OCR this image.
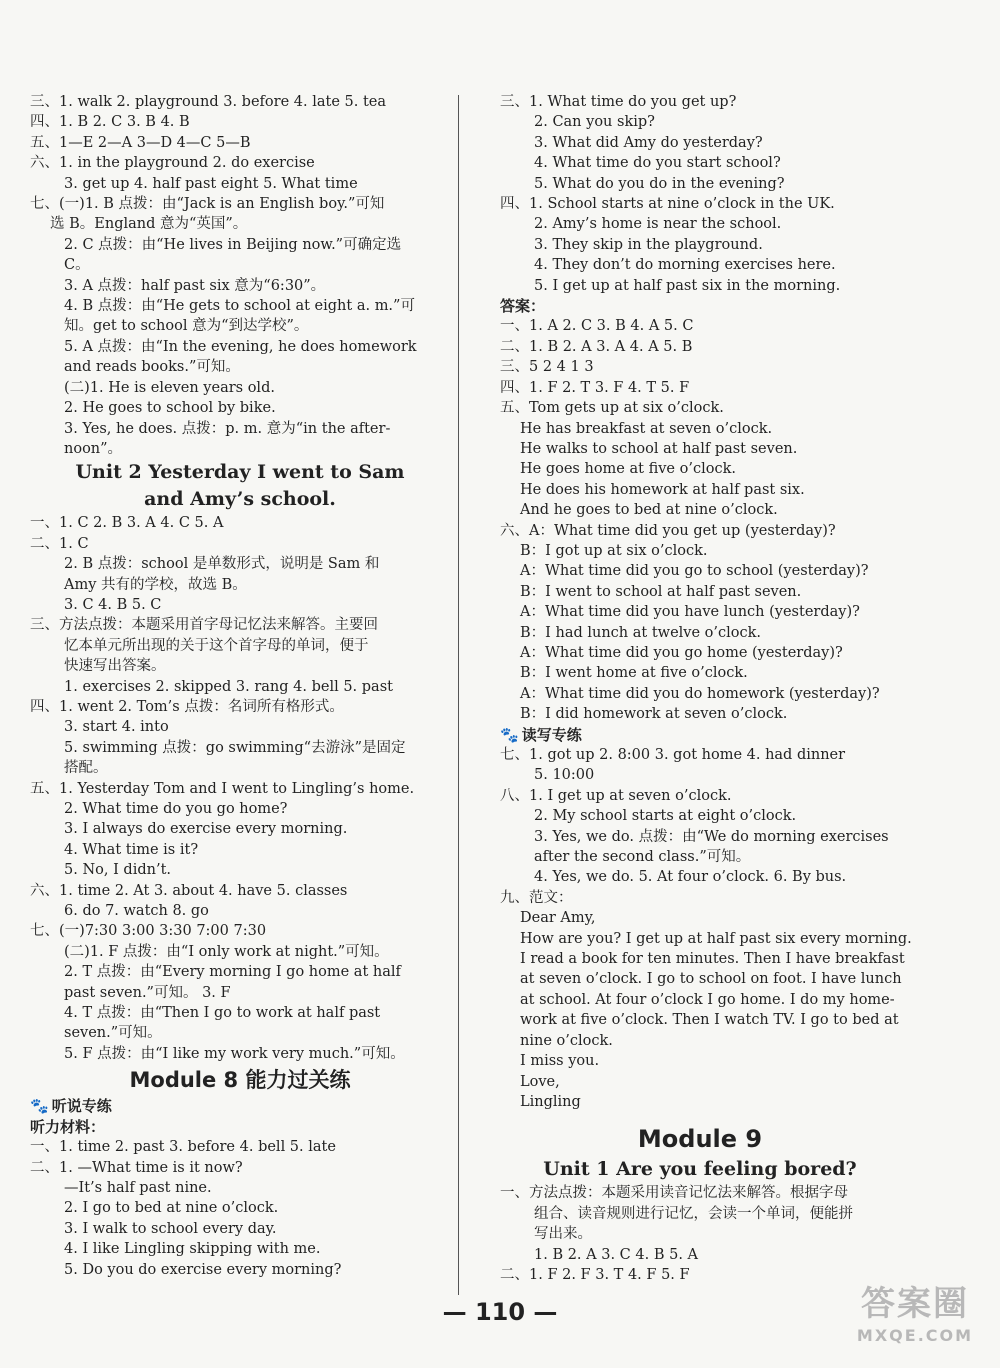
三、1. walk 2. playground 3. before 4. late 5. tea
四、1. B 2. C 3. B 4. B
五、1—E 2—A 3—D 4—C 5—B
六、1. in the playground 2. do exercise
3. get up 4. half past eight 5. What time
七、(一)1. B 点拨：由“Jack is an English boy.”可知
选 B。England 意为“英国”。
2. C 点拨：由“He lives in Beijing now.”可确定选
C。
3. A 点拨：half past six 意为“6:30”。
4. B 点拨：由“He gets to school at eight a. m.”可
知。get to school 意为“到达学校”。
5. A 点拨：由“In the evening, he does homework
and reads books.”可知。
(二)1. He is eleven years old.
2. He goes to school by bike.
3. Yes, he does. 点拨：p. m. 意为“in the after-
noon”。
Unit 2 Yesterday I went to Sam
and Amy’s school.
一、1. C 2. B 3. A 4. C 5. A
二、1. C
2. B 点拨：school 是单数形式，说明是 Sam 和
Amy 共有的学校，故选 B。
3. C 4. B 5. C
三、方法点拨：本题采用首字母记忆法来解答。主要回
忆本单元所出现的关于这个首字母的单词，便于
快速写出答案。
1. exercises 2. skipped 3. rang 4. bell 5. past
四、1. went 2. Tom’s 点拨：名词所有格形式。
3. start 4. into
5. swimming 点拨：go swimming“去游泳”是固定
搭配。
五、1. Yesterday Tom and I went to Lingling’s home.
2. What time do you go home?
3. I always do exercise every morning.
4. What time is it?
5. No, I didn’t.
六、1. time 2. At 3. about 4. have 5. classes
6. do 7. watch 8. go
七、(一)7:30 3:00 3:30 7:00 7:30
(二)1. F 点拨：由“I only work at night.”可知。
2. T 点拨：由“Every morning I go home at half
past seven.”可知。 3. F
4. T 点拨：由“Then I go to work at half past
seven.”可知。
5. F 点拨：由“I like my work very much.”可知。
Module 8 能力过关练
🐾 听说专练
听力材料：
一、1. time 2. past 3. before 4. bell 5. late
二、1. —What time is it now?
—It’s half past nine.
2. I go to bed at nine o’clock.
3. I walk to school every day.
4. I like Lingling skipping with me.
5. Do you do exercise every morning?
三、1. What time do you get up?
2. Can you skip?
3. What did Amy do yesterday?
4. What time do you start school?
5. What do you do in the evening?
四、1. School starts at nine o’clock in the UK.
2. Amy’s home is near the school.
3. They skip in the playground.
4. They don’t do morning exercises here.
5. I get up at half past six in the morning.
答案：
一、1. A 2. C 3. B 4. A 5. C
二、1. B 2. A 3. A 4. A 5. B
三、5 2 4 1 3
四、1. F 2. T 3. F 4. T 5. F
五、Tom gets up at six o’clock.
He has breakfast at seven o’clock.
He walks to school at half past seven.
He goes home at five o’clock.
He does his homework at half past six.
And he goes to bed at nine o’clock.
六、A：What time did you get up (yesterday)?
B：I got up at six o’clock.
A：What time did you go to school (yesterday)?
B：I went to school at half past seven.
A：What time did you have lunch (yesterday)?
B：I had lunch at twelve o’clock.
A：What time did you go home (yesterday)?
B：I went home at five o’clock.
A：What time did you do homework (yesterday)?
B：I did homework at seven o’clock.
🐾 读写专练
七、1. got up 2. 8:00 3. got home 4. had dinner
5. 10:00
八、1. I get up at seven o’clock.
2. My school starts at eight o’clock.
3. Yes, we do. 点拨：由“We do morning exercises
after the second class.”可知。
4. Yes, we do. 5. At four o’clock. 6. By bus.
九、范文：
Dear Amy,
How are you? I get up at half past six every morning.
I read a book for ten minutes. Then I have breakfast
at seven o’clock. I go to school on foot. I have lunch
at school. At four o’clock I go home. I do my home-
work at five o’clock. Then I watch TV. I go to bed at
nine o’clock.
I miss you.
Love,
Lingling
Module 9
Unit 1 Are you feeling bored?
一、方法点拨：本题采用读音记忆法来解答。根据字母
组合、读音规则进行记忆，会读一个单词，便能拼
写出来。
1. B 2. A 3. C 4. B 5. A
二、1. F 2. F 3. T 4. F 5. F
— 110 —	答案圈
MXQE.COM
